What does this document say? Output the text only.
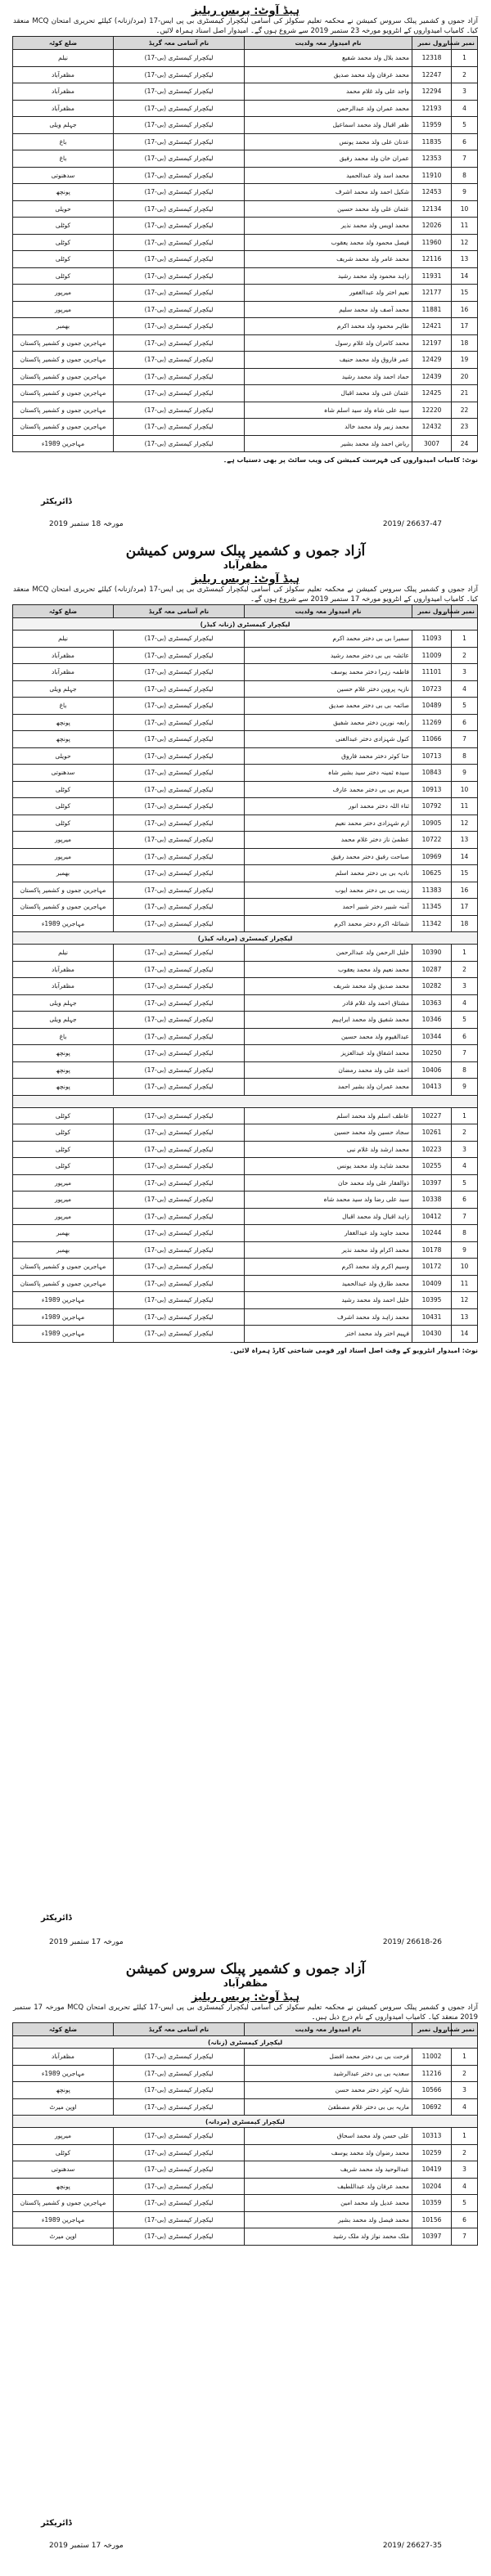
ہیڈ آوٹ: پریس ریلیز
آزاد جموں و کشمیر پبلک سروس کمیشن نے محکمہ تعلیم سکولز کی آسامی لیکچرار کیمسٹری بی پی ایس-17 (مرد/زنانہ) کیلئے تحریری امتحان MCQ منعقد کیا۔ کامیاب امیدواروں کے انٹرویو مورخہ 23 ستمبر 2019 سے شروع ہوں گے۔ امیدوار اصل اسناد ہمراہ لائیں۔
نمبر شمار	رول نمبر	نام امیدوار معہ ولدیت	نام آسامی معہ گریڈ	ضلع کوٹہ
1	12318	محمد بلال ولد محمد شفیع	لیکچرار کیمسٹری (بی-17)	نیلم
2	12247	محمد عرفان ولد محمد صدیق	لیکچرار کیمسٹری (بی-17)	مظفرآباد
3	12294	واجد علی ولد غلام محمد	لیکچرار کیمسٹری (بی-17)	مظفرآباد
4	12193	محمد عمران ولد عبدالرحمن	لیکچرار کیمسٹری (بی-17)	مظفرآباد
5	11959	ظفر اقبال ولد محمد اسماعیل	لیکچرار کیمسٹری (بی-17)	جہلم ویلی
6	11835	عدنان علی ولد محمد یونس	لیکچرار کیمسٹری (بی-17)	باغ
7	12353	عمران خان ولد محمد رفیق	لیکچرار کیمسٹری (بی-17)	باغ
8	11910	محمد اسد ولد عبدالحمید	لیکچرار کیمسٹری (بی-17)	سدھنوتی
9	12453	شکیل احمد ولد محمد اشرف	لیکچرار کیمسٹری (بی-17)	پونچھ
10	12134	عثمان علی ولد محمد حسین	لیکچرار کیمسٹری (بی-17)	حویلی
11	12026	محمد اویس ولد محمد نذیر	لیکچرار کیمسٹری (بی-17)	کوٹلی
12	11960	فیصل محمود ولد محمد یعقوب	لیکچرار کیمسٹری (بی-17)	کوٹلی
13	12116	محمد عامر ولد محمد شریف	لیکچرار کیمسٹری (بی-17)	کوٹلی
14	11931	زاہد محمود ولد محمد رشید	لیکچرار کیمسٹری (بی-17)	کوٹلی
15	12177	نعیم اختر ولد عبدالغفور	لیکچرار کیمسٹری (بی-17)	میرپور
16	11881	محمد آصف ولد محمد سلیم	لیکچرار کیمسٹری (بی-17)	میرپور
17	12421	طاہر محمود ولد محمد اکرم	لیکچرار کیمسٹری (بی-17)	بھمبر
18	12197	محمد کامران ولد غلام رسول	لیکچرار کیمسٹری (بی-17)	مہاجرین جموں و کشمیر پاکستان
19	12429	عمر فاروق ولد محمد حنیف	لیکچرار کیمسٹری (بی-17)	مہاجرین جموں و کشمیر پاکستان
20	12439	حماد احمد ولد محمد رشید	لیکچرار کیمسٹری (بی-17)	مہاجرین جموں و کشمیر پاکستان
21	12425	عثمان غنی ولد محمد اقبال	لیکچرار کیمسٹری (بی-17)	مہاجرین جموں و کشمیر پاکستان
22	12220	سید علی شاہ ولد سید اسلم شاہ	لیکچرار کیمسٹری (بی-17)	مہاجرین جموں و کشمیر پاکستان
23	12432	محمد زبیر ولد محمد خالد	لیکچرار کیمسٹری (بی-17)	مہاجرین جموں و کشمیر پاکستان
24	3007	ریاض احمد ولد محمد بشیر	لیکچرار کیمسٹری (بی-17)	مہاجرین 1989ء
نوٹ: کامیاب امیدواروں کی فہرست کمیشن کی ویب سائٹ پر بھی دستیاب ہے۔
ڈائریکٹر
مورخہ 18 ستمبر 2019	2019/ 26637-47
آزاد جموں و کشمیر پبلک سروس کمیشن
مظفرآباد
ہیڈ آوٹ: پریس ریلیز
آزاد جموں و کشمیر پبلک سروس کمیشن نے محکمہ تعلیم سکولز کی آسامی لیکچرار کیمسٹری بی پی ایس-17 (مرد/زنانہ) کیلئے تحریری امتحان MCQ منعقد کیا۔ کامیاب امیدواروں کے انٹرویو مورخہ 17 ستمبر 2019 سے شروع ہوں گے۔
نمبر شمار	رول نمبر	نام امیدوار معہ ولدیت	نام آسامی معہ گریڈ	ضلع کوٹہ
لیکچرار کیمسٹری (زنانہ کیڈر)				
1	11093	سمیرا بی بی دختر محمد اکرم	لیکچرار کیمسٹری (بی-17)	نیلم
2	11009	عائشہ بی بی دختر محمد رشید	لیکچرار کیمسٹری (بی-17)	مظفرآباد
3	11101	فاطمہ زہرا دختر محمد یوسف	لیکچرار کیمسٹری (بی-17)	مظفرآباد
4	10723	نازیہ پروین دختر غلام حسین	لیکچرار کیمسٹری (بی-17)	جہلم ویلی
5	10489	صائمہ بی بی دختر محمد صدیق	لیکچرار کیمسٹری (بی-17)	باغ
6	11269	رابعہ نورین دختر محمد شفیق	لیکچرار کیمسٹری (بی-17)	پونچھ
7	11066	کنول شہزادی دختر عبدالغنی	لیکچرار کیمسٹری (بی-17)	پونچھ
8	10713	حنا کوثر دختر محمد فاروق	لیکچرار کیمسٹری (بی-17)	حویلی
9	10843	سیدہ ثمینہ دختر سید بشیر شاہ	لیکچرار کیمسٹری (بی-17)	سدھنوتی
10	10913	مریم بی بی دختر محمد عارف	لیکچرار کیمسٹری (بی-17)	کوٹلی
11	10792	ثناء اللہ دختر محمد انور	لیکچرار کیمسٹری (بی-17)	کوٹلی
12	10905	ارم شہزادی دختر محمد نعیم	لیکچرار کیمسٹری (بی-17)	کوٹلی
13	10722	عظمیٰ ناز دختر غلام محمد	لیکچرار کیمسٹری (بی-17)	میرپور
14	10969	صباحت رفیق دختر محمد رفیق	لیکچرار کیمسٹری (بی-17)	میرپور
15	10625	نادیہ بی بی دختر محمد اسلم	لیکچرار کیمسٹری (بی-17)	بھمبر
16	11383	زینب بی بی دختر محمد ایوب	لیکچرار کیمسٹری (بی-17)	مہاجرین جموں و کشمیر پاکستان
17	11345	آمنہ شبیر دختر شبیر احمد	لیکچرار کیمسٹری (بی-17)	مہاجرین جموں و کشمیر پاکستان
18	11342	شمائلہ اکرم دختر محمد اکرم	لیکچرار کیمسٹری (بی-17)	مہاجرین 1989ء
لیکچرار کیمسٹری (مردانہ کیڈر)				
1	10390	خلیل الرحمن ولد عبدالرحمن	لیکچرار کیمسٹری (بی-17)	نیلم
2	10287	محمد نعیم ولد محمد یعقوب	لیکچرار کیمسٹری (بی-17)	مظفرآباد
3	10282	محمد صدیق ولد محمد شریف	لیکچرار کیمسٹری (بی-17)	مظفرآباد
4	10363	مشتاق احمد ولد غلام قادر	لیکچرار کیمسٹری (بی-17)	جہلم ویلی
5	10346	محمد شفیق ولد محمد ابراہیم	لیکچرار کیمسٹری (بی-17)	جہلم ویلی
6	10344	عبدالقیوم ولد محمد حسین	لیکچرار کیمسٹری (بی-17)	باغ
7	10250	محمد اشفاق ولد عبدالعزیز	لیکچرار کیمسٹری (بی-17)	پونچھ
8	10406	احمد علی ولد محمد رمضان	لیکچرار کیمسٹری (بی-17)	پونچھ
9	10413	محمد عمران ولد بشیر احمد	لیکچرار کیمسٹری (بی-17)	پونچھ

1	10227	عاطف اسلم ولد محمد اسلم	لیکچرار کیمسٹری (بی-17)	کوٹلی
2	10261	سجاد حسین ولد محمد حسین	لیکچرار کیمسٹری (بی-17)	کوٹلی
3	10223	محمد ارشد ولد غلام نبی	لیکچرار کیمسٹری (بی-17)	کوٹلی
4	10255	محمد شاہد ولد محمد یونس	لیکچرار کیمسٹری (بی-17)	کوٹلی
5	10397	ذوالفقار علی ولد محمد خان	لیکچرار کیمسٹری (بی-17)	میرپور
6	10338	سید علی رضا ولد سید محمد شاہ	لیکچرار کیمسٹری (بی-17)	میرپور
7	10412	زاہد اقبال ولد محمد اقبال	لیکچرار کیمسٹری (بی-17)	میرپور
8	10244	محمد جاوید ولد عبدالغفار	لیکچرار کیمسٹری (بی-17)	بھمبر
9	10178	محمد اکرام ولد محمد نذیر	لیکچرار کیمسٹری (بی-17)	بھمبر
10	10172	وسیم اکرم ولد محمد اکرم	لیکچرار کیمسٹری (بی-17)	مہاجرین جموں و کشمیر پاکستان
11	10409	محمد طارق ولد عبدالحمید	لیکچرار کیمسٹری (بی-17)	مہاجرین جموں و کشمیر پاکستان
12	10395	خلیل احمد ولد محمد رشید	لیکچرار کیمسٹری (بی-17)	مہاجرین 1989ء
13	10431	محمد زاہد ولد محمد اشرف	لیکچرار کیمسٹری (بی-17)	مہاجرین 1989ء
14	10430	فہیم اختر ولد محمد اختر	لیکچرار کیمسٹری (بی-17)	مہاجرین 1989ء
نوٹ: امیدوار انٹرویو کے وقت اصل اسناد اور قومی شناختی کارڈ ہمراہ لائیں۔
ڈائریکٹر
مورخہ 17 ستمبر 2019	2019/ 26618-26
آزاد جموں و کشمیر پبلک سروس کمیشن
مظفرآباد
ہیڈ آوٹ: پریس ریلیز
آزاد جموں و کشمیر پبلک سروس کمیشن نے محکمہ تعلیم سکولز کی آسامی لیکچرار کیمسٹری بی پی ایس-17 کیلئے تحریری امتحان MCQ مورخہ 17 ستمبر 2019 منعقد کیا۔ کامیاب امیدواروں کے نام درج ذیل ہیں۔
نمبر شمار	رول نمبر	نام امیدوار معہ ولدیت	نام آسامی معہ گریڈ	ضلع کوٹہ
لیکچرار کیمسٹری (زنانہ)				
1	11002	فرحت بی بی دختر محمد افضل	لیکچرار کیمسٹری (بی-17)	مظفرآباد
2	11216	سعدیہ بی بی دختر عبدالرشید	لیکچرار کیمسٹری (بی-17)	مہاجرین 1989ء
3	10566	شازیہ کوثر دختر محمد حسن	لیکچرار کیمسٹری (بی-17)	پونچھ
4	10692	ماریہ بی بی دختر غلام مصطفیٰ	لیکچرار کیمسٹری (بی-17)	اوپن میرٹ
لیکچرار کیمسٹری (مردانہ)				
1	10313	علی حسن ولد محمد اسحاق	لیکچرار کیمسٹری (بی-17)	میرپور
2	10259	محمد رضوان ولد محمد یوسف	لیکچرار کیمسٹری (بی-17)	کوٹلی
3	10419	عبدالوحید ولد محمد شریف	لیکچرار کیمسٹری (بی-17)	سدھنوتی
4	10204	محمد عرفان ولد عبداللطیف	لیکچرار کیمسٹری (بی-17)	پونچھ
5	10359	محمد عدیل ولد محمد امین	لیکچرار کیمسٹری (بی-17)	مہاجرین جموں و کشمیر پاکستان
6	10156	محمد فیصل ولد محمد بشیر	لیکچرار کیمسٹری (بی-17)	مہاجرین 1989ء
7	10397	ملک محمد نواز ولد ملک رشید	لیکچرار کیمسٹری (بی-17)	اوپن میرٹ
ڈائریکٹر
مورخہ 17 ستمبر 2019	2019/ 26627-35
